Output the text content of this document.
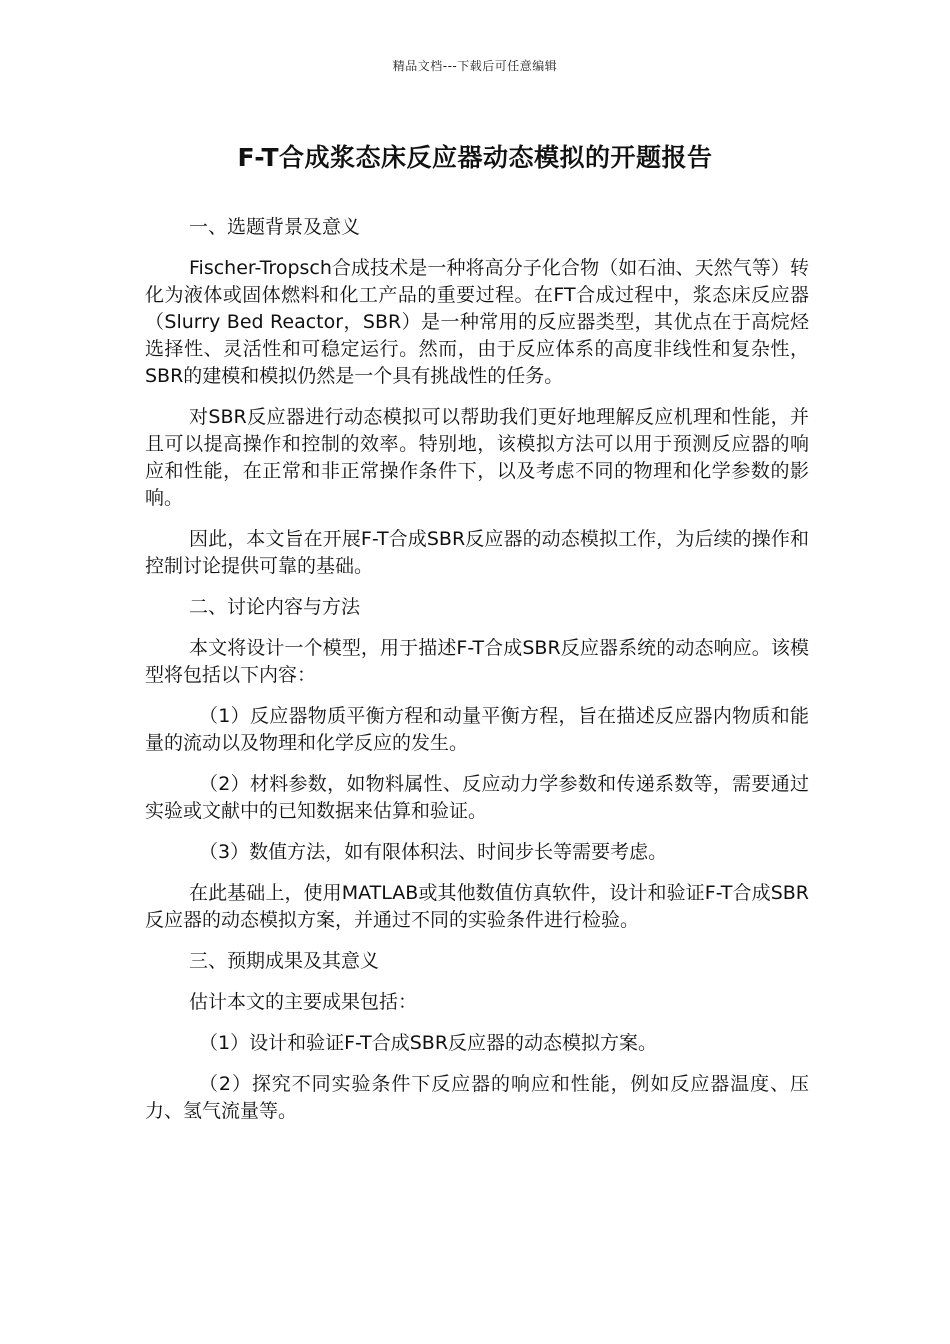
精品文档---下载后可任意编辑
F-T合成浆态床反应器动态模拟的开题报告

一、选题背景及意义

Fischer-Tropsch合成技术是一种将高分子化合物（如石油、天然气等）转化为液体或固体燃料和化工产品的重要过程。在FT合成过程中，浆态床反应器（Slurry Bed Reactor，SBR）是一种常用的反应器类型，其优点在于高烷烃选择性、灵活性和可稳定运行。然而，由于反应体系的高度非线性和复杂性，SBR的建模和模拟仍然是一个具有挑战性的任务。

对SBR反应器进行动态模拟可以帮助我们更好地理解反应机理和性能，并且可以提高操作和控制的效率。特别地，该模拟方法可以用于预测反应器的响应和性能，在正常和非正常操作条件下，以及考虑不同的物理和化学参数的影响。

因此，本文旨在开展F-T合成SBR反应器的动态模拟工作，为后续的操作和控制讨论提供可靠的基础。

二、讨论内容与方法

本文将设计一个模型，用于描述F-T合成SBR反应器系统的动态响应。该模型将包括以下内容：

（1）反应器物质平衡方程和动量平衡方程，旨在描述反应器内物质和能量的流动以及物理和化学反应的发生。

（2）材料参数，如物料属性、反应动力学参数和传递系数等，需要通过实验或文献中的已知数据来估算和验证。

（3）数值方法，如有限体积法、时间步长等需要考虑。

在此基础上，使用MATLAB或其他数值仿真软件，设计和验证F-T合成SBR反应器的动态模拟方案，并通过不同的实验条件进行检验。

三、预期成果及其意义

估计本文的主要成果包括：

（1）设计和验证F-T合成SBR反应器的动态模拟方案。

（2）探究不同实验条件下反应器的响应和性能，例如反应器温度、压力、氢气流量等。
